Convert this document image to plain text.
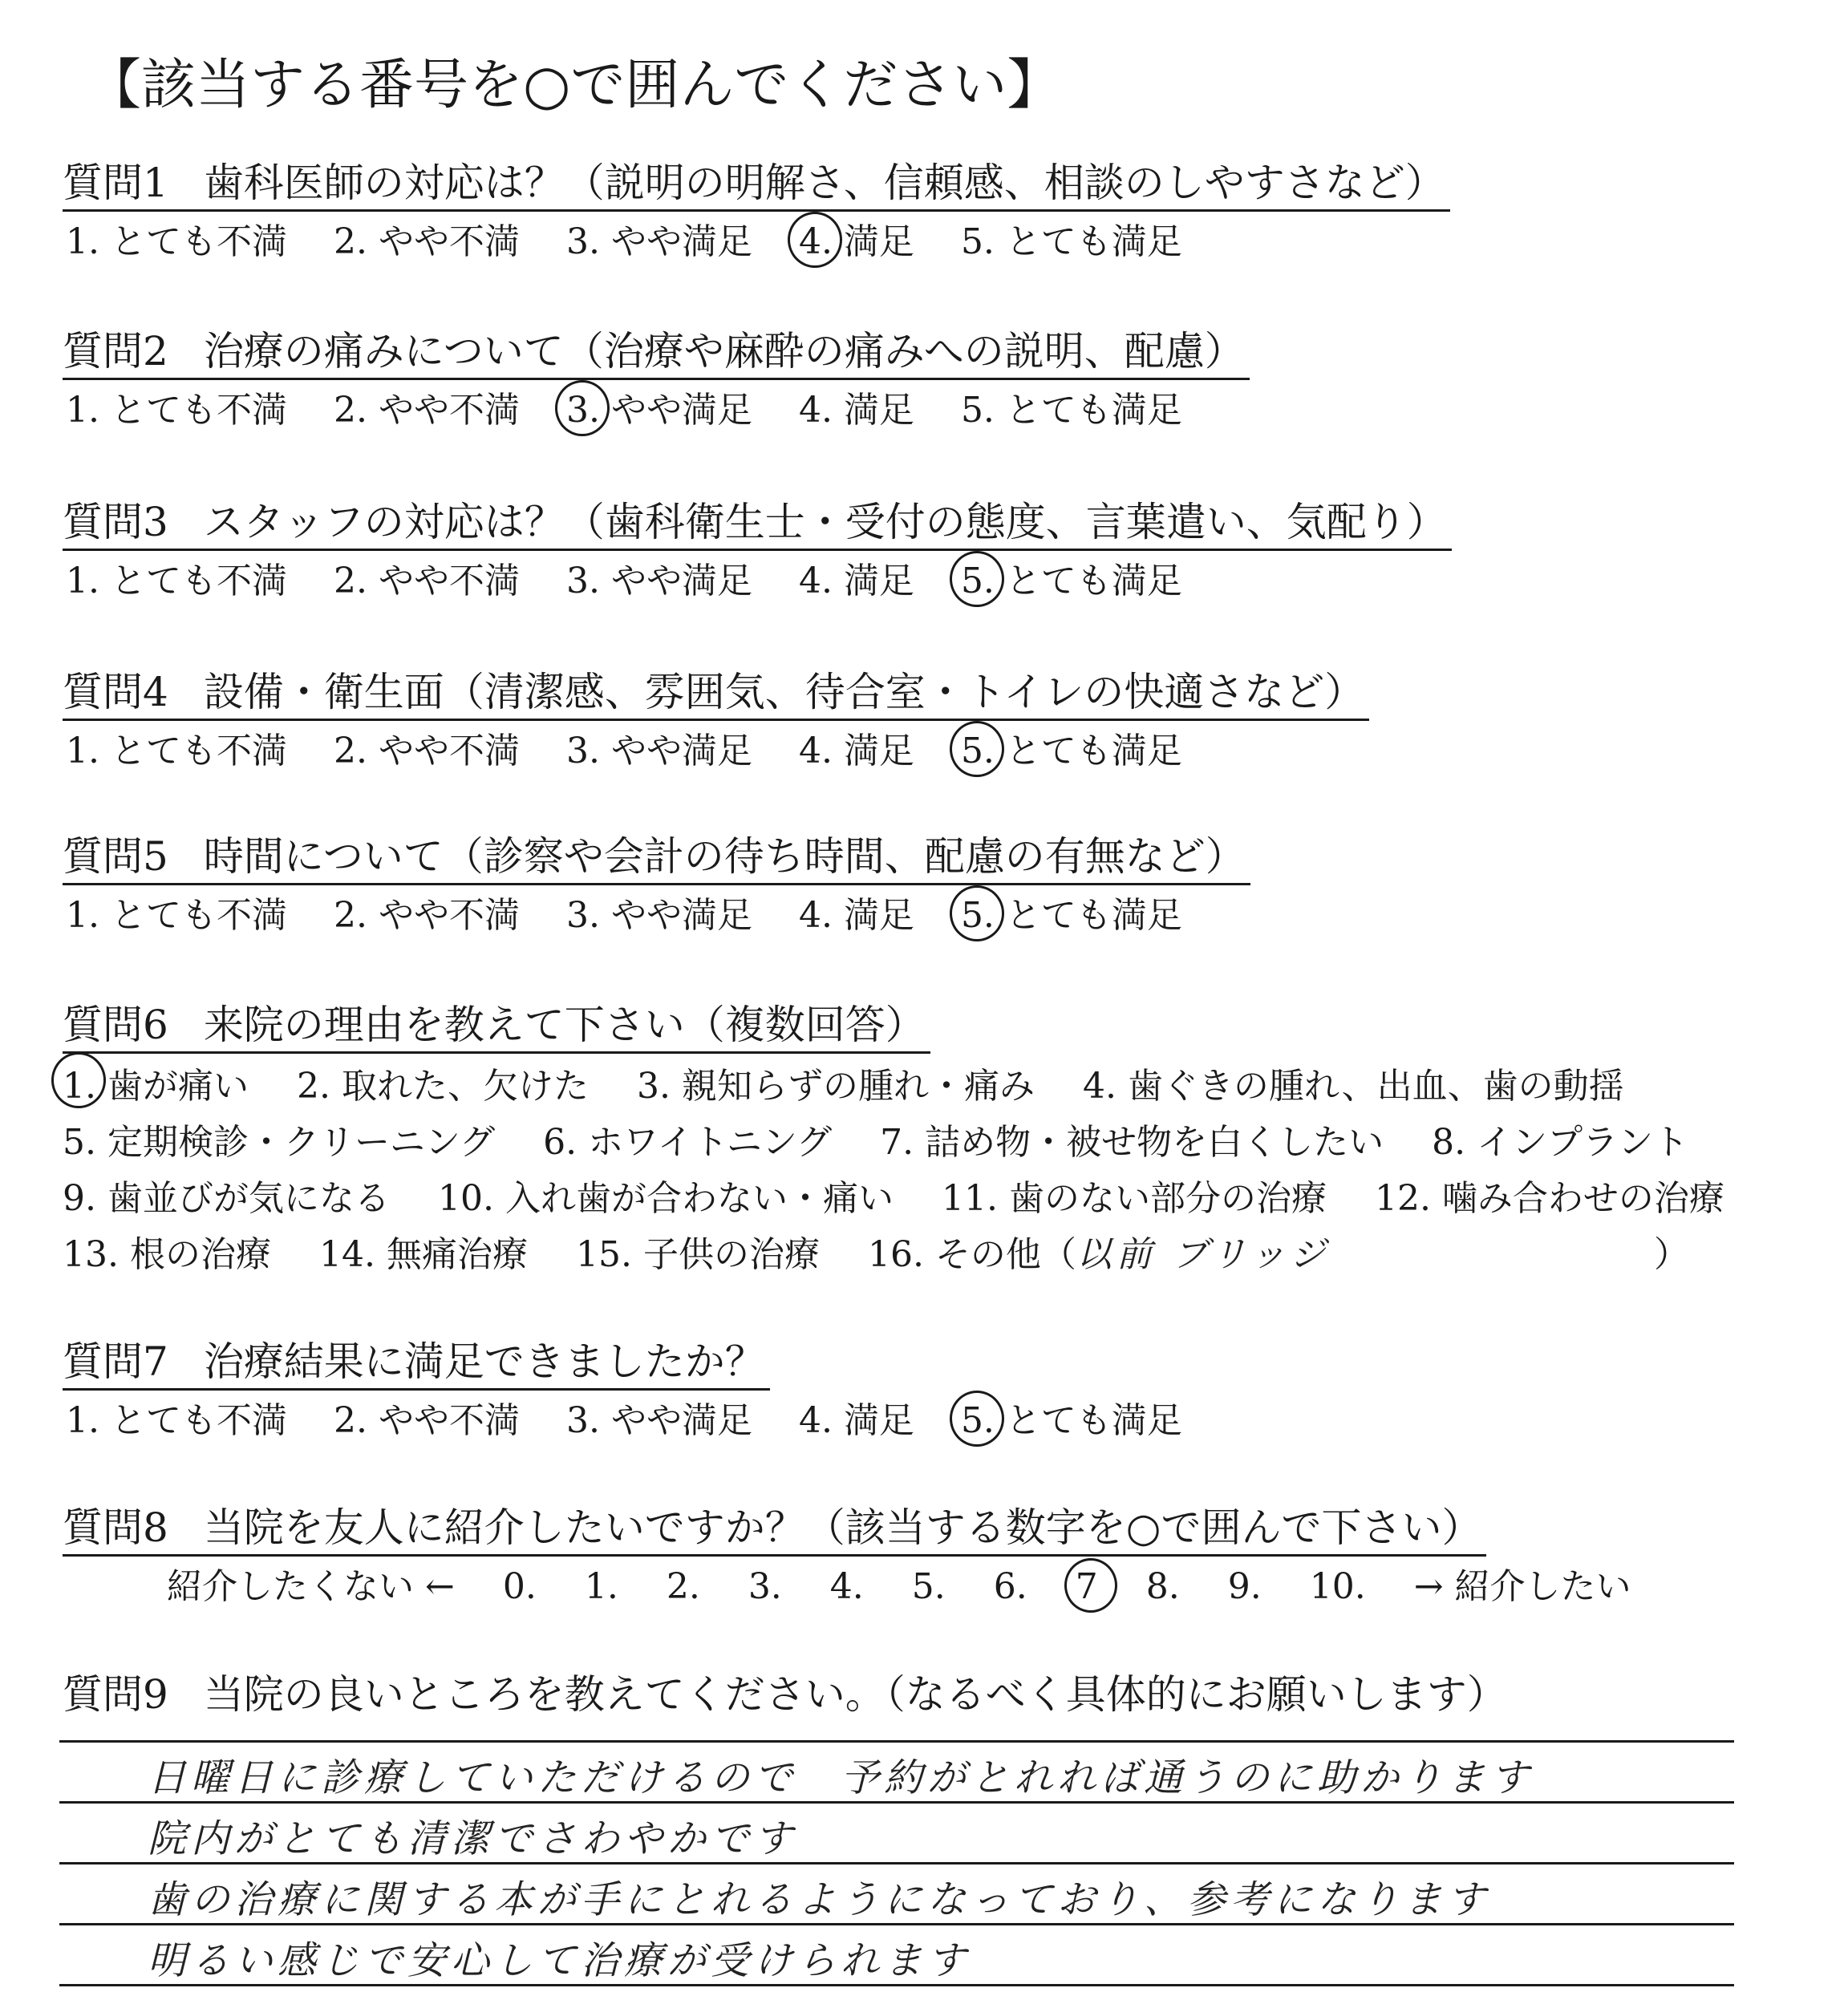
【該当する番号を○で囲んでください】
質問1 歯科医師の対応は？（説明の明解さ、信頼感、相談のしやすさなど）
1. とても不満 2. やや不満 3. やや満足 4. 満足 5. とても満足
質問2 治療の痛みについて（治療や麻酔の痛みへの説明、配慮）
1. とても不満 2. やや不満 3. やや満足 4. 満足 5. とても満足
質問3 スタッフの対応は？（歯科衛生士・受付の態度、言葉遣い、気配り）
1. とても不満 2. やや不満 3. やや満足 4. 満足 5. とても満足
質問4 設備・衛生面（清潔感、雰囲気、待合室・トイレの快適さなど）
1. とても不満 2. やや不満 3. やや満足 4. 満足 5. とても満足
質問5 時間について（診察や会計の待ち時間、配慮の有無など）
1. とても不満 2. やや不満 3. やや満足 4. 満足 5. とても満足
質問6 来院の理由を教えて下さい（複数回答）
1. 歯が痛い 2. 取れた、欠けた 3. 親知らずの腫れ・痛み 4. 歯ぐきの腫れ、出血、歯の動揺
5. 定期検診・クリーニング 6. ホワイトニング 7. 詰め物・被せ物を白くしたい 8. インプラント
9. 歯並びが気になる 10. 入れ歯が合わない・痛い 11. 歯のない部分の治療 12. 噛み合わせの治療
13. 根の治療 14. 無痛治療 15. 子供の治療 16. その他（以前 ブリッジ	）
質問7 治療結果に満足できましたか？
1. とても不満 2. やや不満 3. やや満足 4. 満足 5. とても満足
質問8 当院を友人に紹介したいですか？（該当する数字を○で囲んで下さい）
紹介したくない ← 0. 1. 2. 3. 4. 5. 6. 7 8. 9. 10. → 紹介したい
質問9 当院の良いところを教えてください。（なるべく具体的にお願いします）
日曜日に診療していただけるので　予約がとれれば通うのに助かります
院内がとても清潔でさわやかです
歯の治療に関する本が手にとれるようになっており、参考になります
明るい感じで安心して治療が受けられます
